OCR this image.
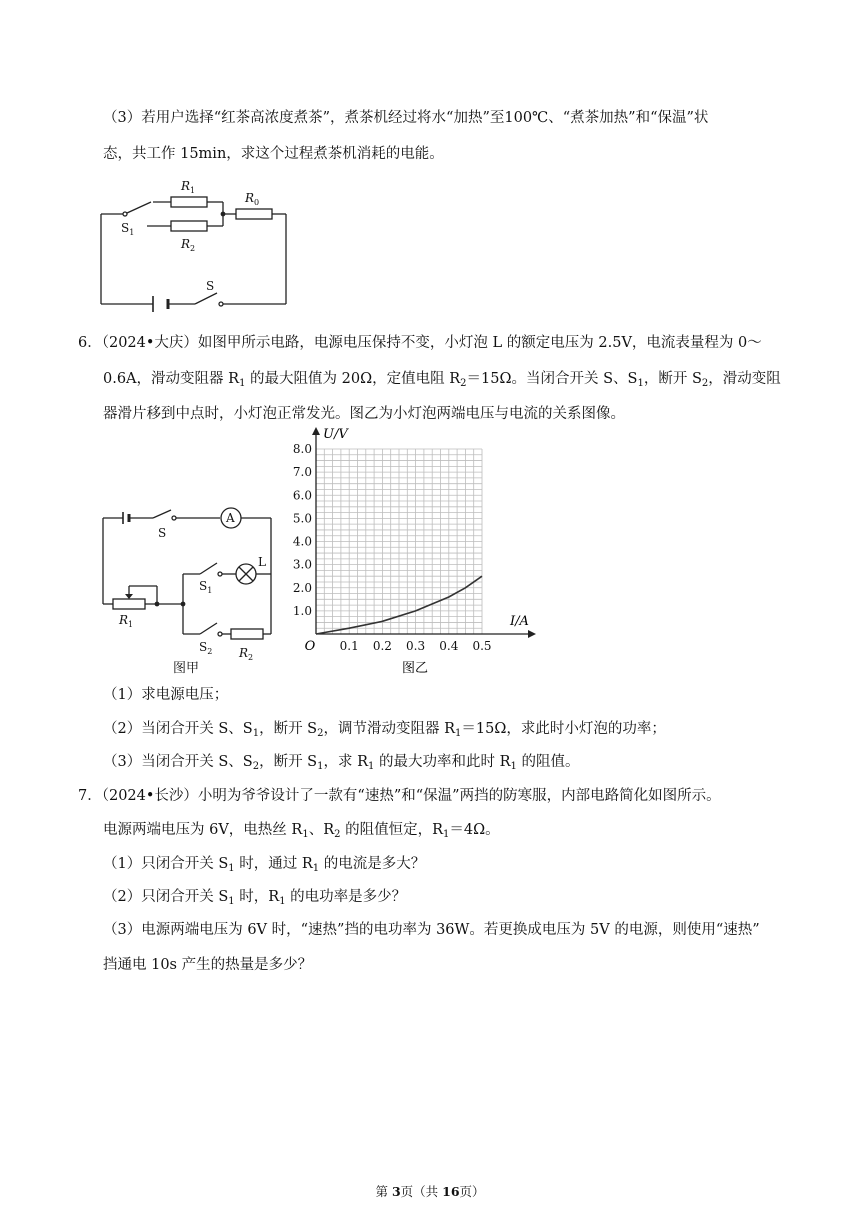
（3）若用户选择“红茶高浓度煮茶”，煮茶机经过将水“加热”至100℃、“煮茶加热”和“保温”状
态，共工作 15min，求这个过程煮茶机消耗的电能。
$R_1$
$R_2$
$R_0$
$S_1$
S
6．（2024•大庆）如图甲所示电路，电源电压保持不变，小灯泡 L 的额定电压为 2.5V，电流表量程为 0～
0.6A，滑动变阻器 $R_1$ 的最大阻值为 20Ω，定值电阻 $R_2=15\Omega$。当闭合开关 S、$S_1$，断开 $S_2$，滑动变阻
器滑片移到中点时，小灯泡正常发光。图乙为小灯泡两端电压与电流的关系图像。
A
S
L
$S_1$
$S_2$
$R_1$
$R_2$
图甲
0.1 0.2 0.3 0.4 0.5
1.0
2.0
3.0
4.0
5.0
6.0
7.0
8.0
U/V
I/A
O
图乙
（1）求电源电压；
（2）当闭合开关 S、$S_1$，断开 $S_2$，调节滑动变阻器 $R_1=15\Omega$，求此时小灯泡的功率；
（3）当闭合开关 S、$S_2$，断开 $S_1$，求 $R_1$ 的最大功率和此时 $R_1$ 的阻值。
7．（2024•长沙）小明为爷爷设计了一款有“速热”和“保温”两挡的防寒服，内部电路简化如图所示。
电源两端电压为 6V，电热丝 $R_1$、$R_2$ 的阻值恒定，$R_1=4\Omega$。
（1）只闭合开关 $S_1$ 时，通过 $R_1$ 的电流是多大？
（2）只闭合开关 $S_1$ 时，$R_1$ 的电功率是多少？
（3）电源两端电压为 6V 时，“速热”挡的电功率为 36W。若更换成电压为 5V 的电源，则使用“速热”
挡通电 10s 产生的热量是多少？
第 3页（共 16页）
